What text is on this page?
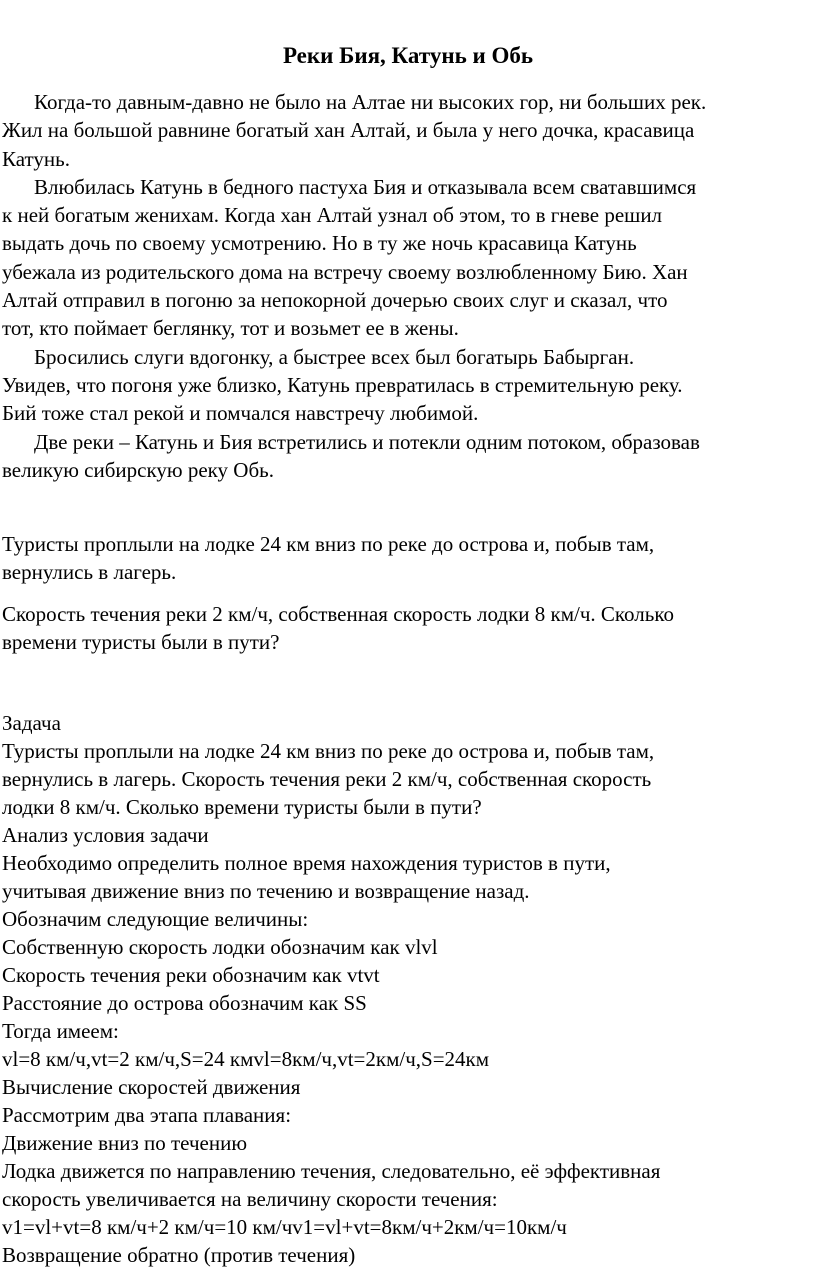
Реки Бия, Катунь и Обь
Когда-то давным-давно не было на Алтае ни высоких гор, ни больших рек.
Жил на большой равнине богатый хан Алтай, и была у него дочка, красавица
Катунь.
Влюбилась Катунь в бедного пастуха Бия и отказывала всем сватавшимся
к ней богатым женихам. Когда хан Алтай узнал об этом, то в гневе решил
выдать дочь по своему усмотрению. Но в ту же ночь красавица Катунь
убежала из родительского дома на встречу своему возлюбленному Бию. Хан
Алтай отправил в погоню за непокорной дочерью своих слуг и сказал, что
тот, кто поймает беглянку, тот и возьмет ее в жены.
Бросились слуги вдогонку, а быстрее всех был богатырь Бабырган.
Увидев, что погоня уже близко, Катунь превратилась в стремительную реку.
Бий тоже стал рекой и помчался навстречу любимой.
Две реки – Катунь и Бия встретились и потекли одним потоком, образовав
великую сибирскую реку Обь.
Туристы проплыли на лодке 24 км вниз по реке до острова и, побыв там,
вернулись в лагерь.
Скорость течения реки 2 км/ч, собственная скорость лодки 8 км/ч. Сколько
времени туристы были в пути?
Задача
Туристы проплыли на лодке 24 км вниз по реке до острова и, побыв там,
вернулись в лагерь. Скорость течения реки 2 км/ч, собственная скорость
лодки 8 км/ч. Сколько времени туристы были в пути?
Анализ условия задачи
Необходимо определить полное время нахождения туристов в пути,
учитывая движение вниз по течению и возвращение назад.
Обозначим следующие величины:
Собственную скорость лодки обозначим как vlvl
Скорость течения реки обозначим как vtvt
Расстояние до острова обозначим как SS
Тогда имеем:
vl=8 км/ч,vt=2 км/ч,S=24 кмvl=8км/ч,vt=2км/ч,S=24км
Вычисление скоростей движения
Рассмотрим два этапа плавания:
Движение вниз по течению
Лодка движется по направлению течения, следовательно, её эффективная
скорость увеличивается на величину скорости течения:
v1=vl+vt=8 км/ч+2 км/ч=10 км/чv1=vl+vt=8км/ч+2км/ч=10км/ч
Возвращение обратно (против течения)
